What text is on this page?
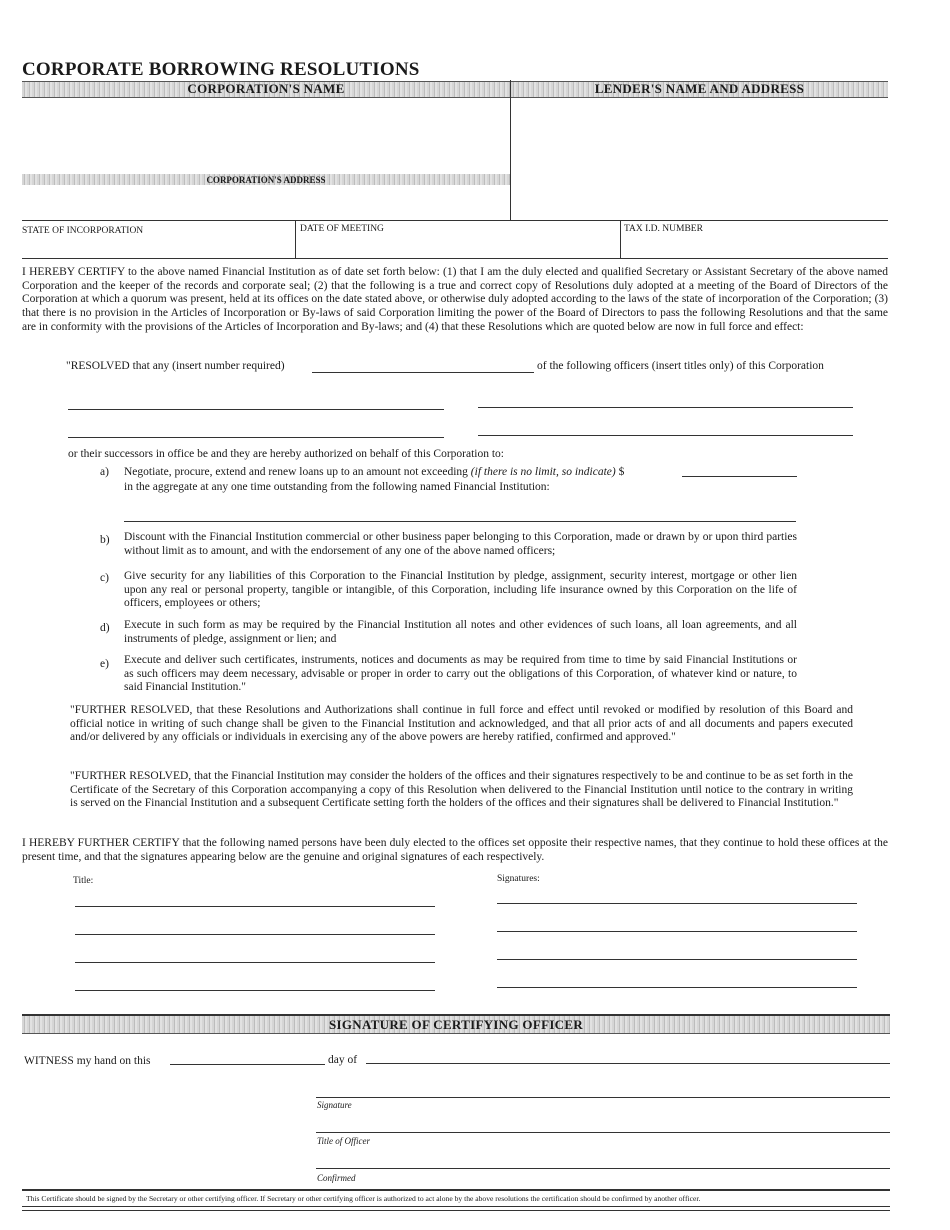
CORPORATE BORROWING RESOLUTIONS
CORPORATION'S NAME	LENDER'S NAME AND ADDRESS
CORPORATION'S ADDRESS
STATE OF INCORPORATION	DATE OF MEETING	TAX I.D. NUMBER
I HEREBY CERTIFY to the above named Financial Institution as of date set forth below: (1) that I am the duly elected and qualified Secretary or Assistant Secretary of the above named Corporation and the keeper of the records and corporate seal; (2) that the following is a true and correct copy of Resolutions duly adopted at a meeting of the Board of Directors of the Corporation at which a quorum was present, held at its offices on the date stated above, or otherwise duly adopted according to the laws of the state of incorporation of the Corporation; (3) that there is no provision in the Articles of Incorporation or By-laws of said Corporation limiting the power of the Board of Directors to pass the following Resolutions and that the same are in conformity with the provisions of the Articles of Incorporation and By-laws; and (4) that these Resolutions which are quoted below are now in full force and effect:
"RESOLVED that any (insert number required)	of the following officers (insert titles only) of this Corporation
or their successors in office be and they are hereby authorized on behalf of this Corporation to:
a) Negotiate, procure, extend and renew loans up to an amount not exceeding (if there is no limit, so indicate) $
in the aggregate at any one time outstanding from the following named Financial Institution:
b) Discount with the Financial Institution commercial or other business paper belonging to this Corporation, made or drawn by or upon third parties without limit as to amount, and with the endorsement of any one of the above named officers;
c) Give security for any liabilities of this Corporation to the Financial Institution by pledge, assignment, security interest, mortgage or other lien upon any real or personal property, tangible or intangible, of this Corporation, including life insurance owned by this Corporation on the life of officers, employees or others;
d) Execute in such form as may be required by the Financial Institution all notes and other evidences of such loans, all loan agreements, and all instruments of pledge, assignment or lien; and
e) Execute and deliver such certificates, instruments, notices and documents as may be required from time to time by said Financial Institutions or as such officers may deem necessary, advisable or proper in order to carry out the obligations of this Corporation, of whatever kind or nature, to said Financial Institution."
"FURTHER RESOLVED, that these Resolutions and Authorizations shall continue in full force and effect until revoked or modified by resolution of this Board and official notice in writing of such change shall be given to the Financial Institution and acknowledged, and that all prior acts of and all documents and papers executed and/or delivered by any officials or individuals in exercising any of the above powers are hereby ratified, confirmed and approved."
"FURTHER RESOLVED, that the Financial Institution may consider the holders of the offices and their signatures respectively to be and continue to be as set forth in the Certificate of the Secretary of this Corporation accompanying a copy of this Resolution when delivered to the Financial Institution until notice to the contrary in writing is served on the Financial Institution and a subsequent Certificate setting forth the holders of the offices and their signatures shall be delivered to Financial Institution."
I HEREBY FURTHER CERTIFY that the following named persons have been duly elected to the offices set opposite their respective names, that they continue to hold these offices at the present time, and that the signatures appearing below are the genuine and original signatures of each respectively.
Title:	Signatures:
SIGNATURE OF CERTIFYING OFFICER
WITNESS my hand on this	day of
Signature
Title of Officer
Confirmed
This Certificate should be signed by the Secretary or other certifying officer. If Secretary or other certifying officer is authorized to act alone by the above resolutions the certification should be confirmed by another officer.
